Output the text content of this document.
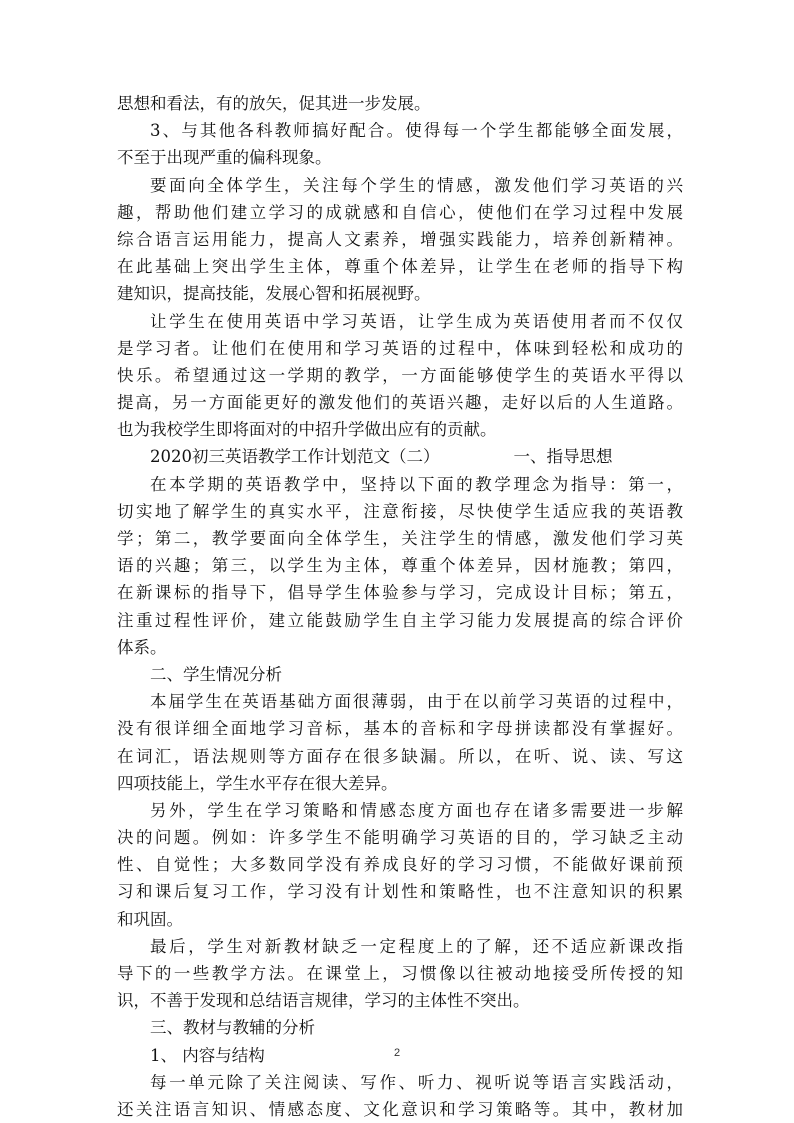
思想和看法，有的放矢，促其进一步发展。
3、与其他各科教师搞好配合。使得每一个学生都能够全面发展，
不至于出现严重的偏科现象。
要面向全体学生，关注每个学生的情感，激发他们学习英语的兴
趣，帮助他们建立学习的成就感和自信心，使他们在学习过程中发展
综合语言运用能力，提高人文素养，增强实践能力，培养创新精神。
在此基础上突出学生主体，尊重个体差异，让学生在老师的指导下构
建知识，提高技能，发展心智和拓展视野。
让学生在使用英语中学习英语，让学生成为英语使用者而不仅仅
是学习者。让他们在使用和学习英语的过程中，体味到轻松和成功的
快乐。希望通过这一学期的教学，一方面能够使学生的英语水平得以
提高，另一方面能更好的激发他们的英语兴趣，走好以后的人生道路。
也为我校学生即将面对的中招升学做出应有的贡献。
2020初三英语教学工作计划范文（二）	一、指导思想
在本学期的英语教学中，坚持以下面的教学理念为指导：第一，
切实地了解学生的真实水平，注意衔接，尽快使学生适应我的英语教
学；第二，教学要面向全体学生，关注学生的情感，激发他们学习英
语的兴趣；第三，以学生为主体，尊重个体差异，因材施教；第四，
在新课标的指导下，倡导学生体验参与学习，完成设计目标；第五，
注重过程性评价，建立能鼓励学生自主学习能力发展提高的综合评价
体系。
二、学生情况分析
本届学生在英语基础方面很薄弱，由于在以前学习英语的过程中，
没有很详细全面地学习音标，基本的音标和字母拼读都没有掌握好。
在词汇，语法规则等方面存在很多缺漏。所以，在听、说、读、写这
四项技能上，学生水平存在很大差异。
另外，学生在学习策略和情感态度方面也存在诸多需要进一步解
决的问题。例如：许多学生不能明确学习英语的目的，学习缺乏主动
性、自觉性；大多数同学没有养成良好的学习习惯，不能做好课前预
习和课后复习工作，学习没有计划性和策略性，也不注意知识的积累
和巩固。
最后，学生对新教材缺乏一定程度上的了解，还不适应新课改指
导下的一些教学方法。在课堂上，习惯像以往被动地接受所传授的知
识，不善于发现和总结语言规律，学习的主体性不突出。
三、教材与教辅的分析
1、 内容与结构
每一单元除了关注阅读、写作、听力、视听说等语言实践活动，
还关注语言知识、情感态度、文化意识和学习策略等。其中，教材加
2
